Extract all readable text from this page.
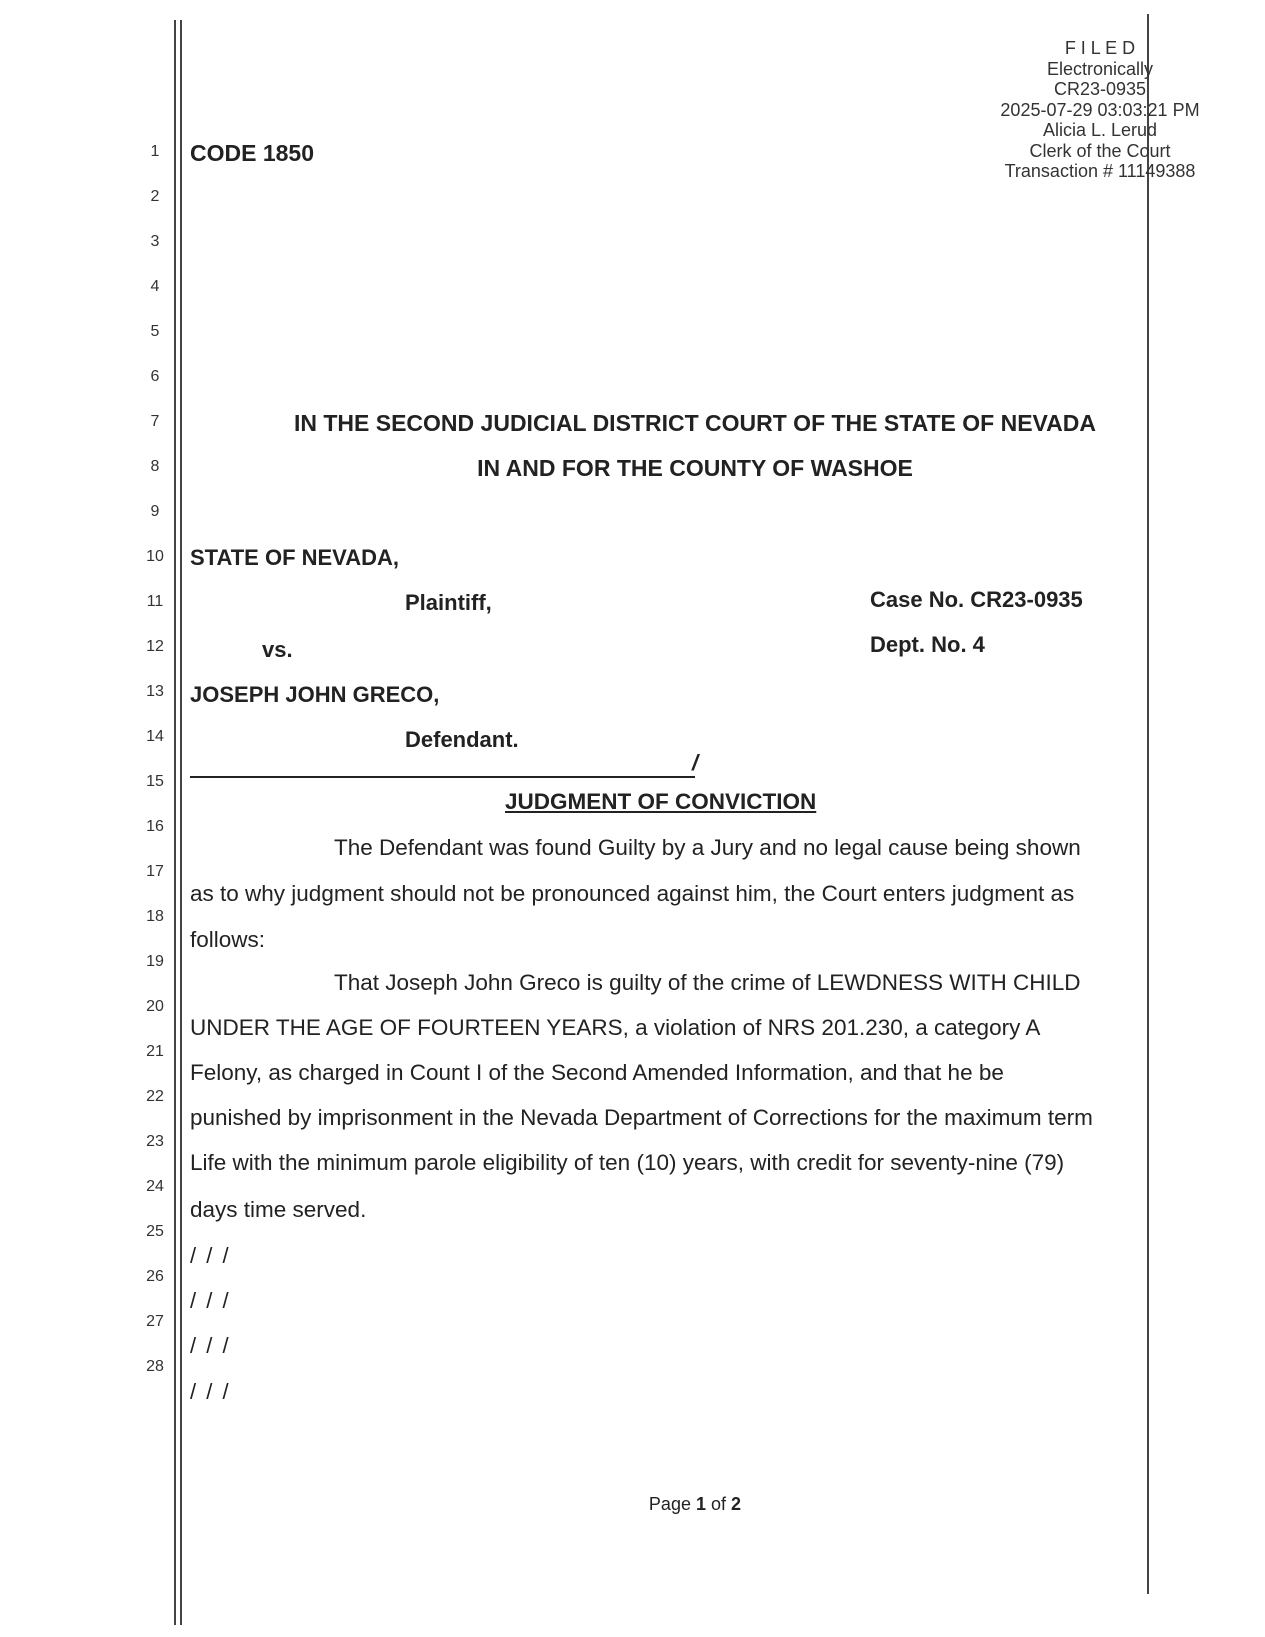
F I L E D
Electronically
CR23-0935
2025-07-29 03:03:21 PM
Alicia L. Lerud
Clerk of the Court
Transaction # 11149388
1
2
3
4
5
6
7
8
9
10
11
12
13
14
15
16
17
18
19
20
21
22
23
24
25
26
27
28
CODE 1850
IN THE SECOND JUDICIAL DISTRICT COURT OF THE STATE OF NEVADA
IN AND FOR THE COUNTY OF WASHOE
STATE OF NEVADA,
Plaintiff,	Case No. CR23-0935
vs.	Dept. No. 4
JOSEPH JOHN GRECO,
Defendant.
/
JUDGMENT OF CONVICTION
The Defendant was found Guilty by a Jury and no legal cause being shown
as to why judgment should not be pronounced against him, the Court enters judgment as
follows:
That Joseph John Greco is guilty of the crime of LEWDNESS WITH CHILD
UNDER THE AGE OF FOURTEEN YEARS, a violation of NRS 201.230, a category A
Felony, as charged in Count I of the Second Amended Information, and that he be
punished by imprisonment in the Nevada Department of Corrections for the maximum term
Life with the minimum parole eligibility of ten (10) years, with credit for seventy-nine (79)
days time served.
/ / /
/ / /
/ / /
/ / /
Page 1 of 2
